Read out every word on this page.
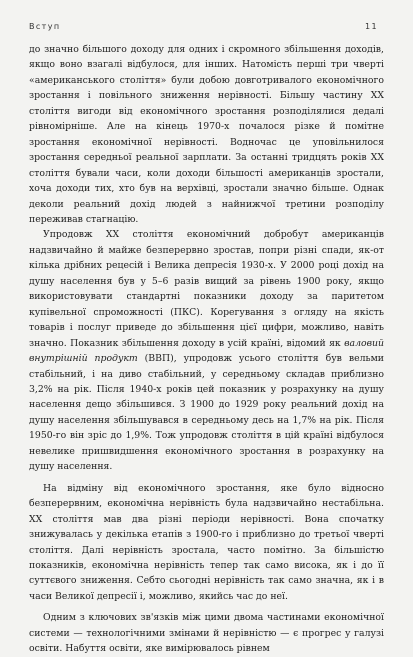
Вступ	11

до значно більшого доходу для одних і скромного збільшення доходів, якщо воно взагалі відбулося, для інших. Натомість перші три чверті «американського століття» були добою довготривалого економічного зростання і повільного зниження нерівності. Більшу частину XX століття вигоди від економічного зростання розподілялися дедалі рівномірніше. Але на кінець 1970-х почалося різке й помітне зростання економічної нерівності. Водночас це уповільнилося зростання середньої реальної зарплати. За останні тридцять років XX століття бували часи, коли доходи більшості американців зростали, хоча доходи тих, хто був на верхівці, зростали значно більше. Однак деколи реальний дохід людей з найнижчої третини розподілу переживав стагнацію.

Упродовж XX століття економічний добробут американців надзвичайно й майже безперервно зростав, попри різні спади, як-от кілька дрібних рецесій і Велика депресія 1930-х. У 2000 році дохід на душу населення був у 5–6 разів вищий за рівень 1900 року, якщо використовувати стандартні показники доходу за паритетом купівельної спроможності (ПКС). Корегування з огляду на якість товарів і послуг приведе до збільшення цієї цифри, можливо, навіть значно. Показник збільшення доходу в усій країні, відомий як валовий внутрішній продукт (ВВП), упродовж усього століття був вельми стабільний, і на диво стабільний, у середньому складав приблизно 3,2% на рік. Після 1940-х років цей показник у розрахунку на душу населення дещо збільшився. З 1900 до 1929 року реальний дохід на душу населення збільшувався в середньому десь на 1,7% на рік. Після 1950-го він зріс до 1,9%. Тож упродовж століття в цій країні відбулося невелике пришвидшення економічного зростання в розрахунку на душу населення.

На відміну від економічного зростання, яке було відносно безперервним, економічна нерівність була надзвичайно нестабільна. XX століття мав два різні періоди нерівності. Вона спочатку знижувалась у декілька етапів з 1900-го і приблизно до третьої чверті століття. Далі нерівність зростала, часто помітно. За більшістю показників, економічна нерівність тепер так само висока, як і до її суттєвого зниження. Себто сьогодні нерівність так само значна, як і в часи Великої депресії і, можливо, якийсь час до неї.

Одним з ключових зв'язків між цими двома частинами економічної системи — технологічними змінами й нерівністю — є прогрес у галузі освіти. Набуття освіти, яке вимірювалось рівнем
